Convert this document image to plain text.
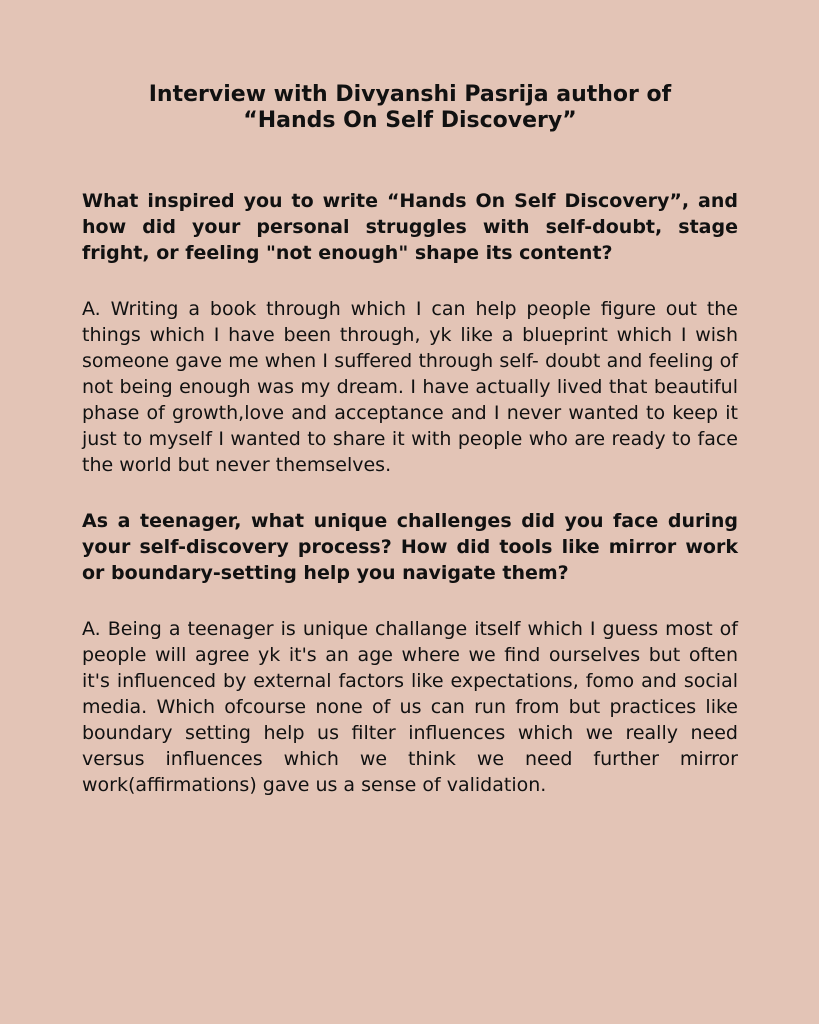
Interview with Divyanshi Pasrija author of
“Hands On Self Discovery”

What inspired you to write “Hands On Self Discovery”, and how did your personal struggles with self-doubt, stage fright, or feeling "not enough" shape its content?

A. Writing a book through which I can help people figure out the things which I have been through, yk like a blueprint which I wish someone gave me when I suffered through self- doubt and feeling of not being enough was my dream. I have actually lived that beautiful phase of growth,love and acceptance and I never wanted to keep it just to myself I wanted to share it with people who are ready to face the world but never themselves.

As a teenager, what unique challenges did you face during your self-discovery process? How did tools like mirror work or boundary-setting help you navigate them?

A. Being a teenager is unique challange itself which I guess most of people will agree yk it's an age where we find ourselves but often it's influenced by external factors like expectations, fomo and social media. Which ofcourse none of us can run from but practices like boundary setting help us filter influences which we really need versus influences which we think we need further mirror work(affirmations) gave us a sense of validation.
